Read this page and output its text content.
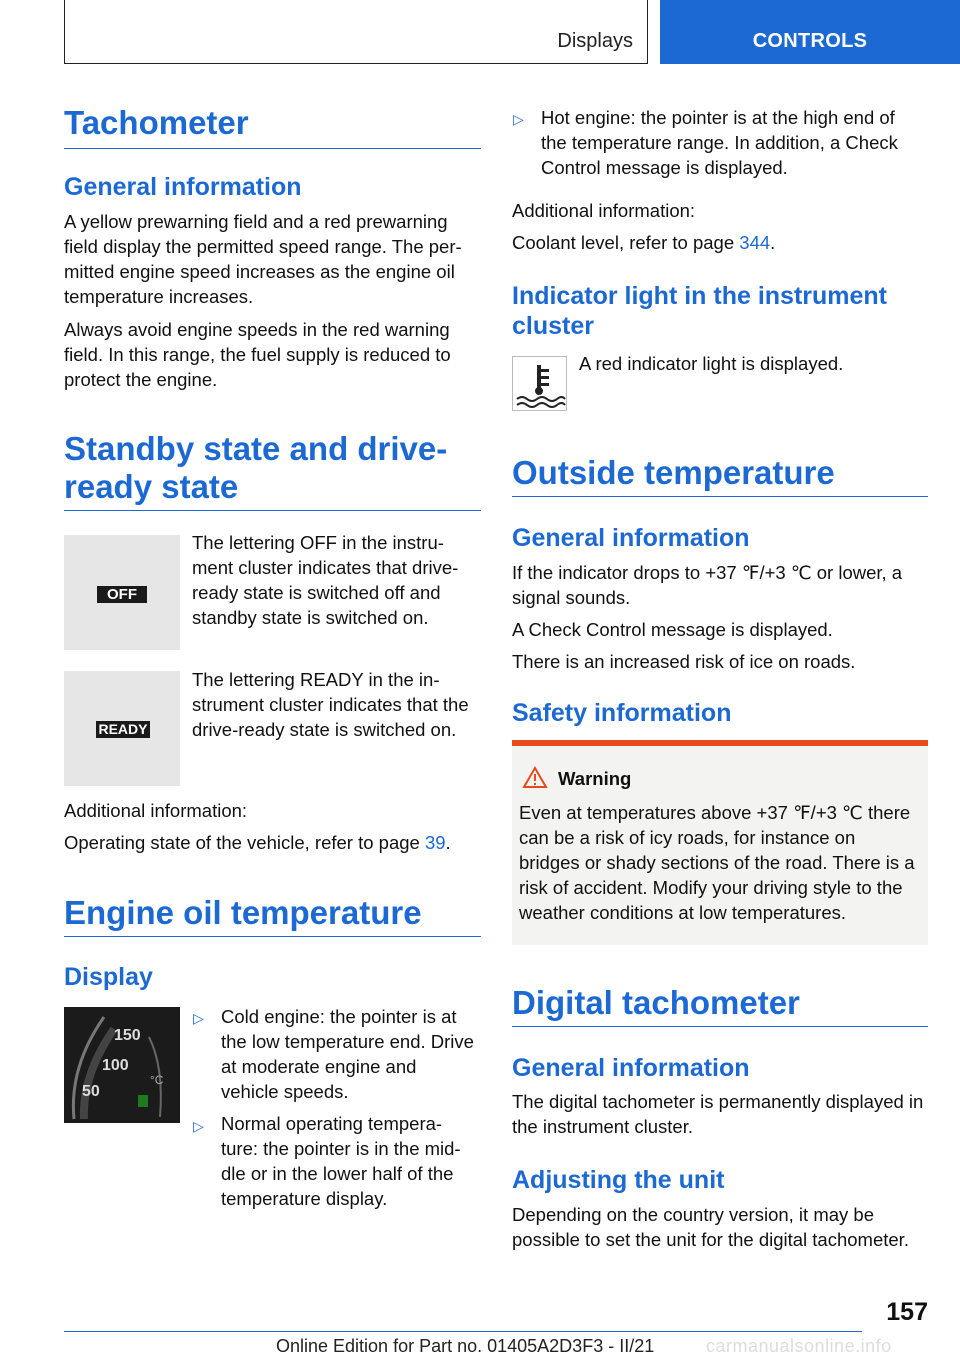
Displays	CONTROLS
Tachometer
General information

A yellow prewarning field and a red prewarning field display the permitted speed range. The per‐mitted engine speed increases as the engine oil temperature increases.

Always avoid engine speeds in the red warning field. In this range, the fuel supply is reduced to protect the engine.

Standby state and drive‐
ready state
OFF

The lettering OFF in the instru‐ment cluster indicates that drive-ready state is switched off and standby state is switched on.

READY

The lettering READY in the in‐strument cluster indicates that the drive-ready state is switched on.

Additional information:

Operating state of the vehicle, refer to page 39.

Engine oil temperature
Display
150
100
50
°C
▷ Cold engine: the pointer is at the low temperature end. Drive at moderate engine and vehicle speeds.

▷ Normal operating tempera‐ture: the pointer is in the mid‐dle or in the lower half of the temperature display.

▷ Hot engine: the pointer is at the high end of the temperature range. In addition, a Check Control message is displayed.

Additional information:

Coolant level, refer to page 344.

Indicator light in the instrument
cluster

A red indicator light is displayed.

Outside temperature
General information

If the indicator drops to +37 ℉/+3 ℃ or lower, a signal sounds.

A Check Control message is displayed.

There is an increased risk of ice on roads.

Safety information
Warning

Even at temperatures above +37 ℉/+3 ℃ there can be a risk of icy roads, for instance on bridges or shady sections of the road. There is a risk of accident. Modify your driving style to the weather conditions at low temperatures.

Digital tachometer
General information

The digital tachometer is permanently displayed in the instrument cluster.

Adjusting the unit

Depending on the country version, it may be possible to set the unit for the digital tachometer.

157
Online Edition for Part no. 01405A2D3F3 - II/21	carmanualsonline.info
